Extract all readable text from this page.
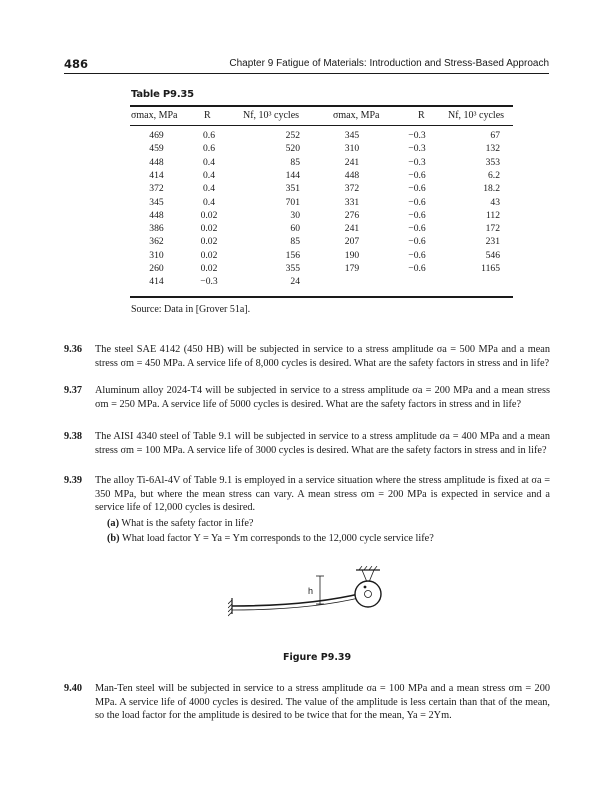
486	Chapter 9 Fatigue of Materials: Introduction and Stress-Based Approach
Table P9.35
σmax, MPa	R	Nf, 10³ cycles	σmax, MPa	R Nf, 10³ cycles
469	0.6	252	345	−0.3	67
459	0.6	520	310	−0.3	132
448	0.4	85	241	−0.3	353
414	0.4	144	448	−0.6	6.2
372	0.4	351	372	−0.6	18.2
345	0.4	701	331	−0.6	43
448	0.02	30	276	−0.6	112
386	0.02	60	241	−0.6	172
362	0.02	85	207	−0.6	231
310	0.02	156	190	−0.6	546
260	0.02	355	179	−0.6	1165
414	−0.3	24
Source: Data in [Grover 51a].
9.36 The steel SAE 4142 (450 HB) will be subjected in service to a stress amplitude σa = 500 MPa and a mean stress σm = 450 MPa. A service life of 8,000 cycles is desired. What are the safety factors in stress and in life?
9.37 Aluminum alloy 2024-T4 will be subjected in service to a stress amplitude σa = 200 MPa and a mean stress σm = 250 MPa. A service life of 5000 cycles is desired. What are the safety factors in stress and in life?
9.38 The AISI 4340 steel of Table 9.1 will be subjected in service to a stress amplitude σa = 400 MPa and a mean stress σm = 100 MPa. A service life of 3000 cycles is desired. What are the safety factors in stress and in life?
9.39 The alloy Ti-6Al-4V of Table 9.1 is employed in a service situation where the stress amplitude is fixed at σa = 350 MPa, but where the mean stress can vary. A mean stress σm = 200 MPa is expected in service and a service life of 12,000 cycles is desired.
(a) What is the safety factor in life?
(b) What load factor Y = Ya = Ym corresponds to the 12,000 cycle service life?
h
Figure P9.39
9.40 Man-Ten steel will be subjected in service to a stress amplitude σa = 100 MPa and a mean stress σm = 200 MPa. A service life of 4000 cycles is desired. The value of the amplitude is less certain than that of the mean, so the load factor for the amplitude is desired to be twice that for the mean, Ya = 2Ym.
